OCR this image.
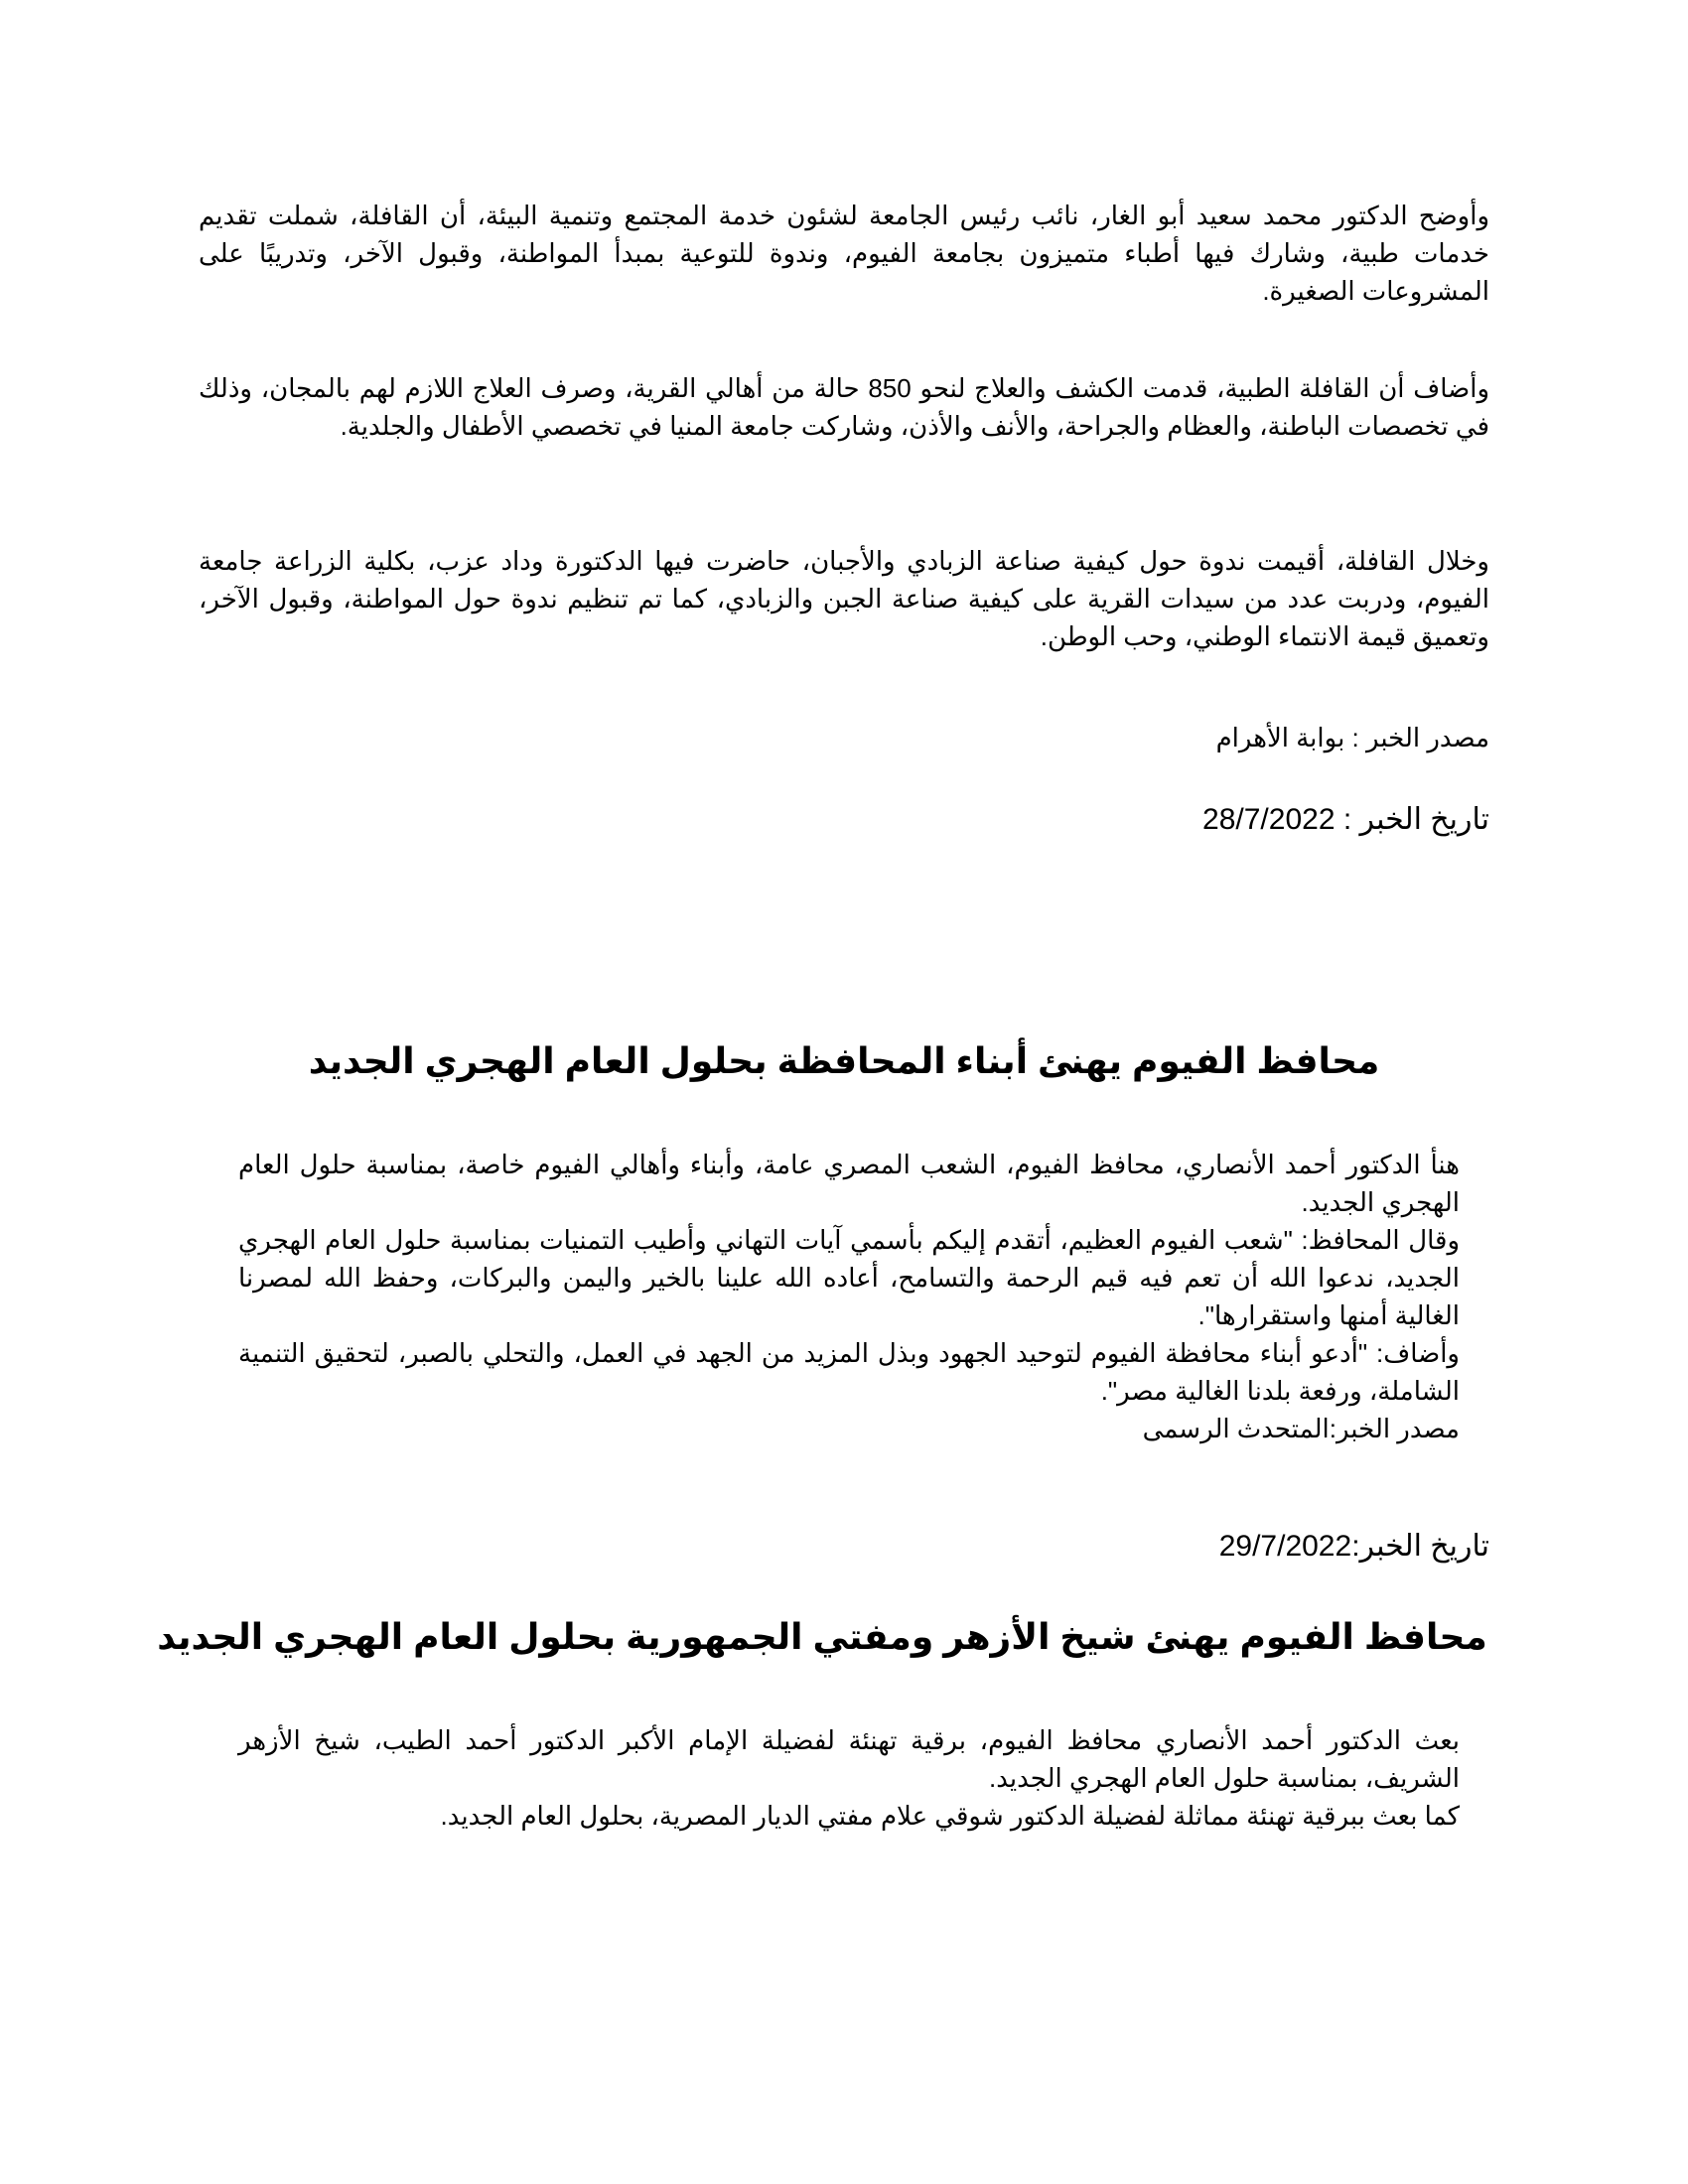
وأوضح الدكتور محمد سعيد أبو الغار، نائب رئيس الجامعة لشئون خدمة المجتمع وتنمية البيئة، أن القافلة، شملت تقديم خدمات طبية، وشارك فيها أطباء متميزون بجامعة الفيوم، وندوة للتوعية بمبدأ المواطنة، وقبول الآخر، وتدريبًا على المشروعات الصغيرة.

وأضاف أن القافلة الطبية، قدمت الكشف والعلاج لنحو 850 حالة من أهالي القرية، وصرف العلاج اللازم لهم بالمجان، وذلك في تخصصات الباطنة، والعظام والجراحة، والأنف والأذن، وشاركت جامعة المنيا في تخصصي الأطفال والجلدية.

وخلال القافلة، أقيمت ندوة حول كيفية صناعة الزبادي والأجبان، حاضرت فيها الدكتورة وداد عزب، بكلية الزراعة جامعة الفيوم، ودربت عدد من سيدات القرية على كيفية صناعة الجبن والزبادي، كما تم تنظيم ندوة حول المواطنة، وقبول الآخر، وتعميق قيمة الانتماء الوطني، وحب الوطن.

مصدر الخبر : بوابة الأهرام

تاريخ الخبر : 28/7/2022

محافظ الفيوم يهنئ أبناء المحافظة بحلول العام الهجري الجديد

هنأ الدكتور أحمد الأنصاري، محافظ الفيوم، الشعب المصري عامة، وأبناء وأهالي الفيوم خاصة، بمناسبة حلول العام الهجري الجديد.

وقال المحافظ: "شعب الفيوم العظيم، أتقدم إليكم بأسمي آيات التهاني وأطيب التمنيات بمناسبة حلول العام الهجري الجديد، ندعوا الله أن تعم فيه قيم الرحمة والتسامح، أعاده الله علينا بالخير واليمن والبركات، وحفظ الله لمصرنا الغالية أمنها واستقرارها".

وأضاف: "أدعو أبناء محافظة الفيوم لتوحيد الجهود وبذل المزيد من الجهد في العمل، والتحلي بالصبر، لتحقيق التنمية الشاملة، ورفعة بلدنا الغالية مصر".

مصدر الخبر:المتحدث الرسمى

تاريخ الخبر:29/7/2022

محافظ الفيوم يهنئ شيخ الأزهر ومفتي الجمهورية بحلول العام الهجري الجديد

بعث الدكتور أحمد الأنصاري محافظ الفيوم، برقية تهنئة لفضيلة الإمام الأكبر الدكتور أحمد الطيب، شيخ الأزهر الشريف، بمناسبة حلول العام الهجري الجديد.

كما بعث ببرقية تهنئة مماثلة لفضيلة الدكتور شوقي علام مفتي الديار المصرية، بحلول العام الجديد.
